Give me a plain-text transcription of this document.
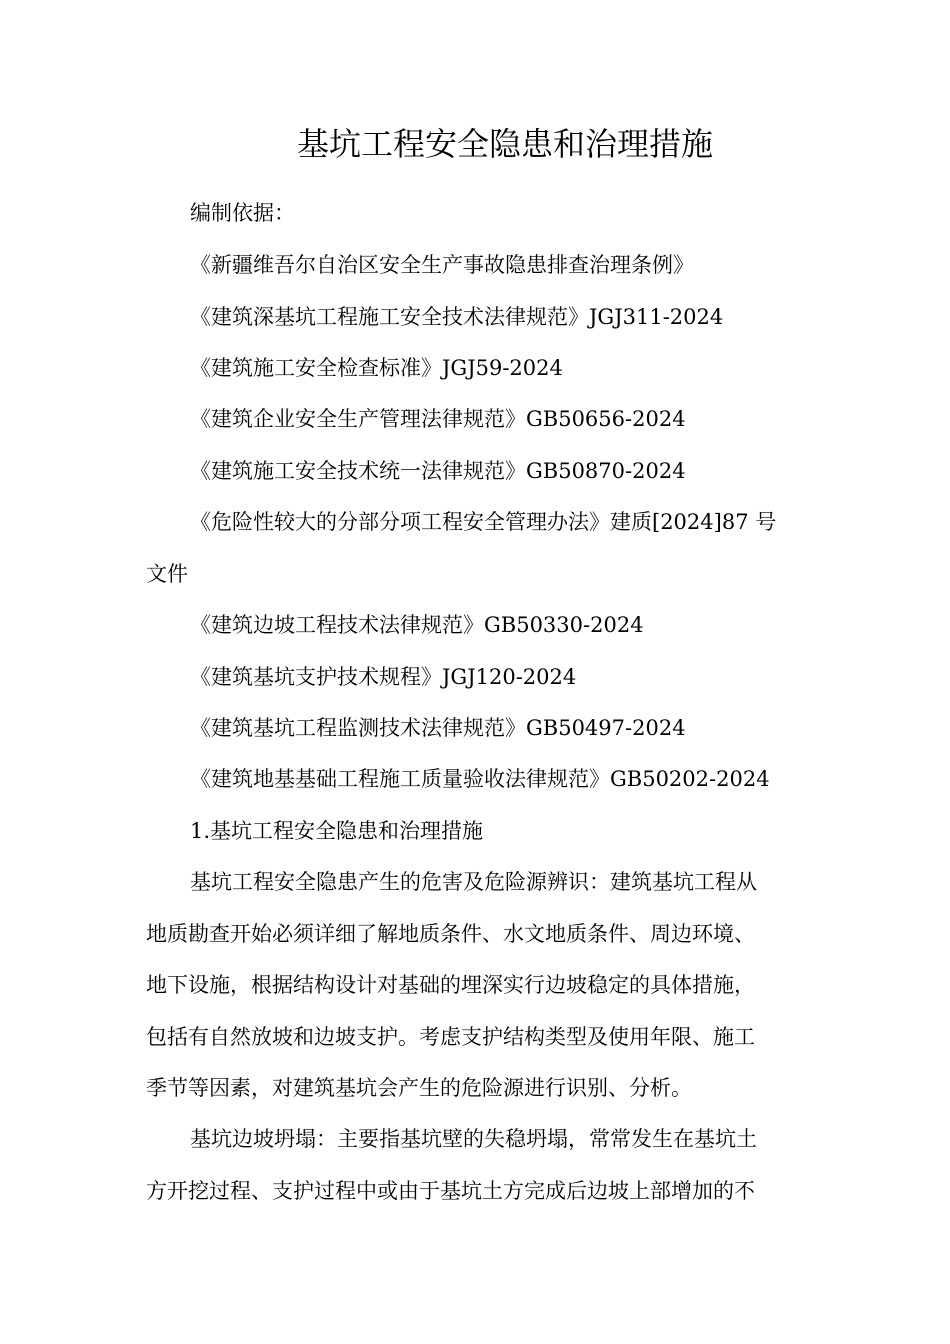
基坑工程安全隐患和治理措施
编制依据：
《新疆维吾尔自治区安全生产事故隐患排查治理条例》
《建筑深基坑工程施工安全技术法律规范》JGJ311-2024
《建筑施工安全检查标准》JGJ59-2024
《建筑企业安全生产管理法律规范》GB50656-2024
《建筑施工安全技术统一法律规范》GB50870-2024
《危险性较大的分部分项工程安全管理办法》建质[2024]87 号
文件
《建筑边坡工程技术法律规范》GB50330-2024
《建筑基坑支护技术规程》JGJ120-2024
《建筑基坑工程监测技术法律规范》GB50497-2024
《建筑地基基础工程施工质量验收法律规范》GB50202-2024
1.基坑工程安全隐患和治理措施
基坑工程安全隐患产生的危害及危险源辨识：建筑基坑工程从
地质勘查开始必须详细了解地质条件、水文地质条件、周边环境、
地下设施，根据结构设计对基础的埋深实行边坡稳定的具体措施，
包括有自然放坡和边坡支护。考虑支护结构类型及使用年限、施工
季节等因素，对建筑基坑会产生的危险源进行识别、分析。
基坑边坡坍塌：主要指基坑壁的失稳坍塌，常常发生在基坑土
方开挖过程、支护过程中或由于基坑土方完成后边坡上部增加的不
